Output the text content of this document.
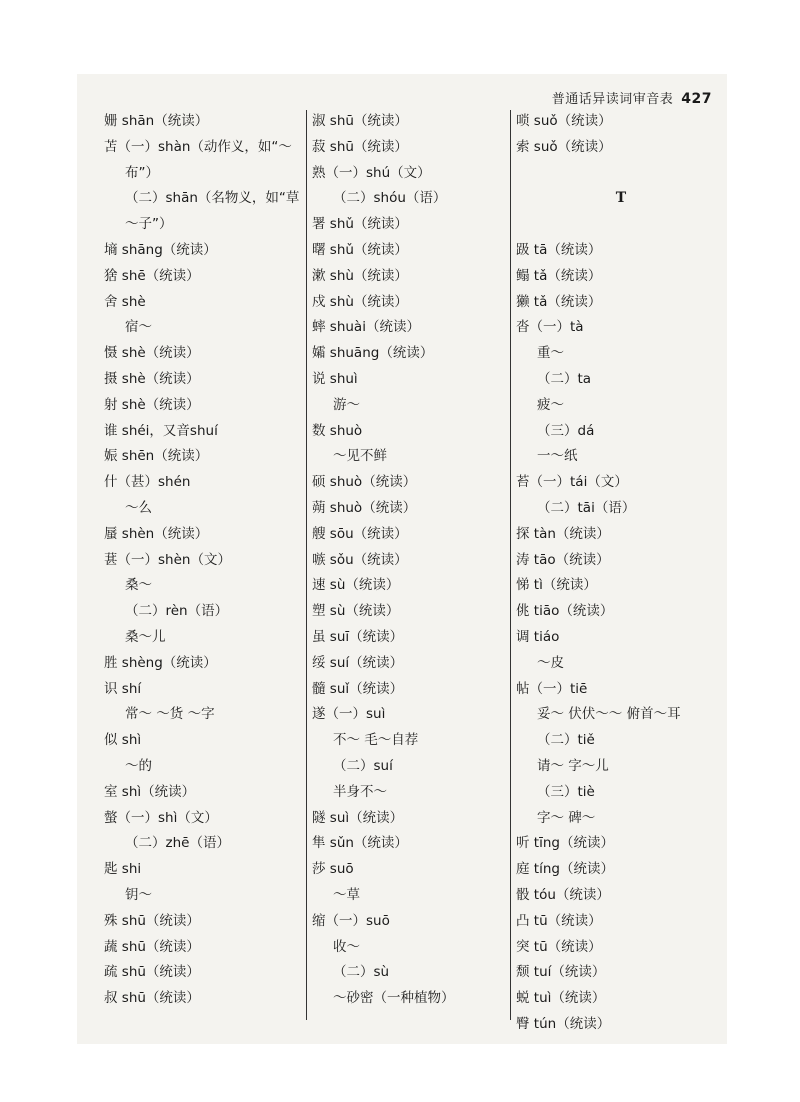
普通话异读词审音表 427
姗 shān（统读）
苫（一）shàn（动作义，如“～
布”）
（二）shān（名物义，如“草
～子”）
墒 shāng（统读）
猞 shē（统读）
舍 shè
宿～
慑 shè（统读）
摄 shè（统读）
射 shè（统读）
谁 shéi，又音shuí
娠 shēn（统读）
什（甚）shén
～么
蜃 shèn（统读）
葚（一）shèn（文）
桑～
（二）rèn（语）
桑～儿
胜 shèng（统读）
识 shí
常～ ～货 ～字
似 shì
～的
室 shì（统读）
螫（一）shì（文）
（二）zhē（语）
匙 shi
钥～
殊 shū（统读）
蔬 shū（统读）
疏 shū（统读）
叔 shū（统读）
淑 shū（统读）
菽 shū（统读）
熟（一）shú（文）
（二）shóu（语）
署 shǔ（统读）
曙 shǔ（统读）
漱 shù（统读）
戍 shù（统读）
蟀 shuài（统读）
孀 shuāng（统读）
说 shuì
游～
数 shuò
～见不鲜
硕 shuò（统读）
蒴 shuò（统读）
艘 sōu（统读）
嗾 sǒu（统读）
速 sù（统读）
塑 sù（统读）
虽 suī（统读）
绥 suí（统读）
髓 suǐ（统读）
遂（一）suì
不～ 毛～自荐
（二）suí
半身不～
隧 suì（统读）
隼 sǔn（统读）
莎 suō
～草
缩（一）suō
收～
（二）sù
～砂密（一种植物）
唢 suǒ（统读）
索 suǒ（统读）
T
趿 tā（统读）
鳎 tǎ（统读）
獭 tǎ（统读）
沓（一）tà
重～
（二）ta
疲～
（三）dá
一～纸
苔（一）tái（文）
（二）tāi（语）
探 tàn（统读）
涛 tāo（统读）
悌 tì（统读）
佻 tiāo（统读）
调 tiáo
～皮
帖（一）tiē
妥～ 伏伏～～ 俯首～耳
（二）tiě
请～ 字～儿
（三）tiè
字～ 碑～
听 tīng（统读）
庭 tíng（统读）
骰 tóu（统读）
凸 tū（统读）
突 tū（统读）
颓 tuí（统读）
蜕 tuì（统读）
臀 tún（统读）
